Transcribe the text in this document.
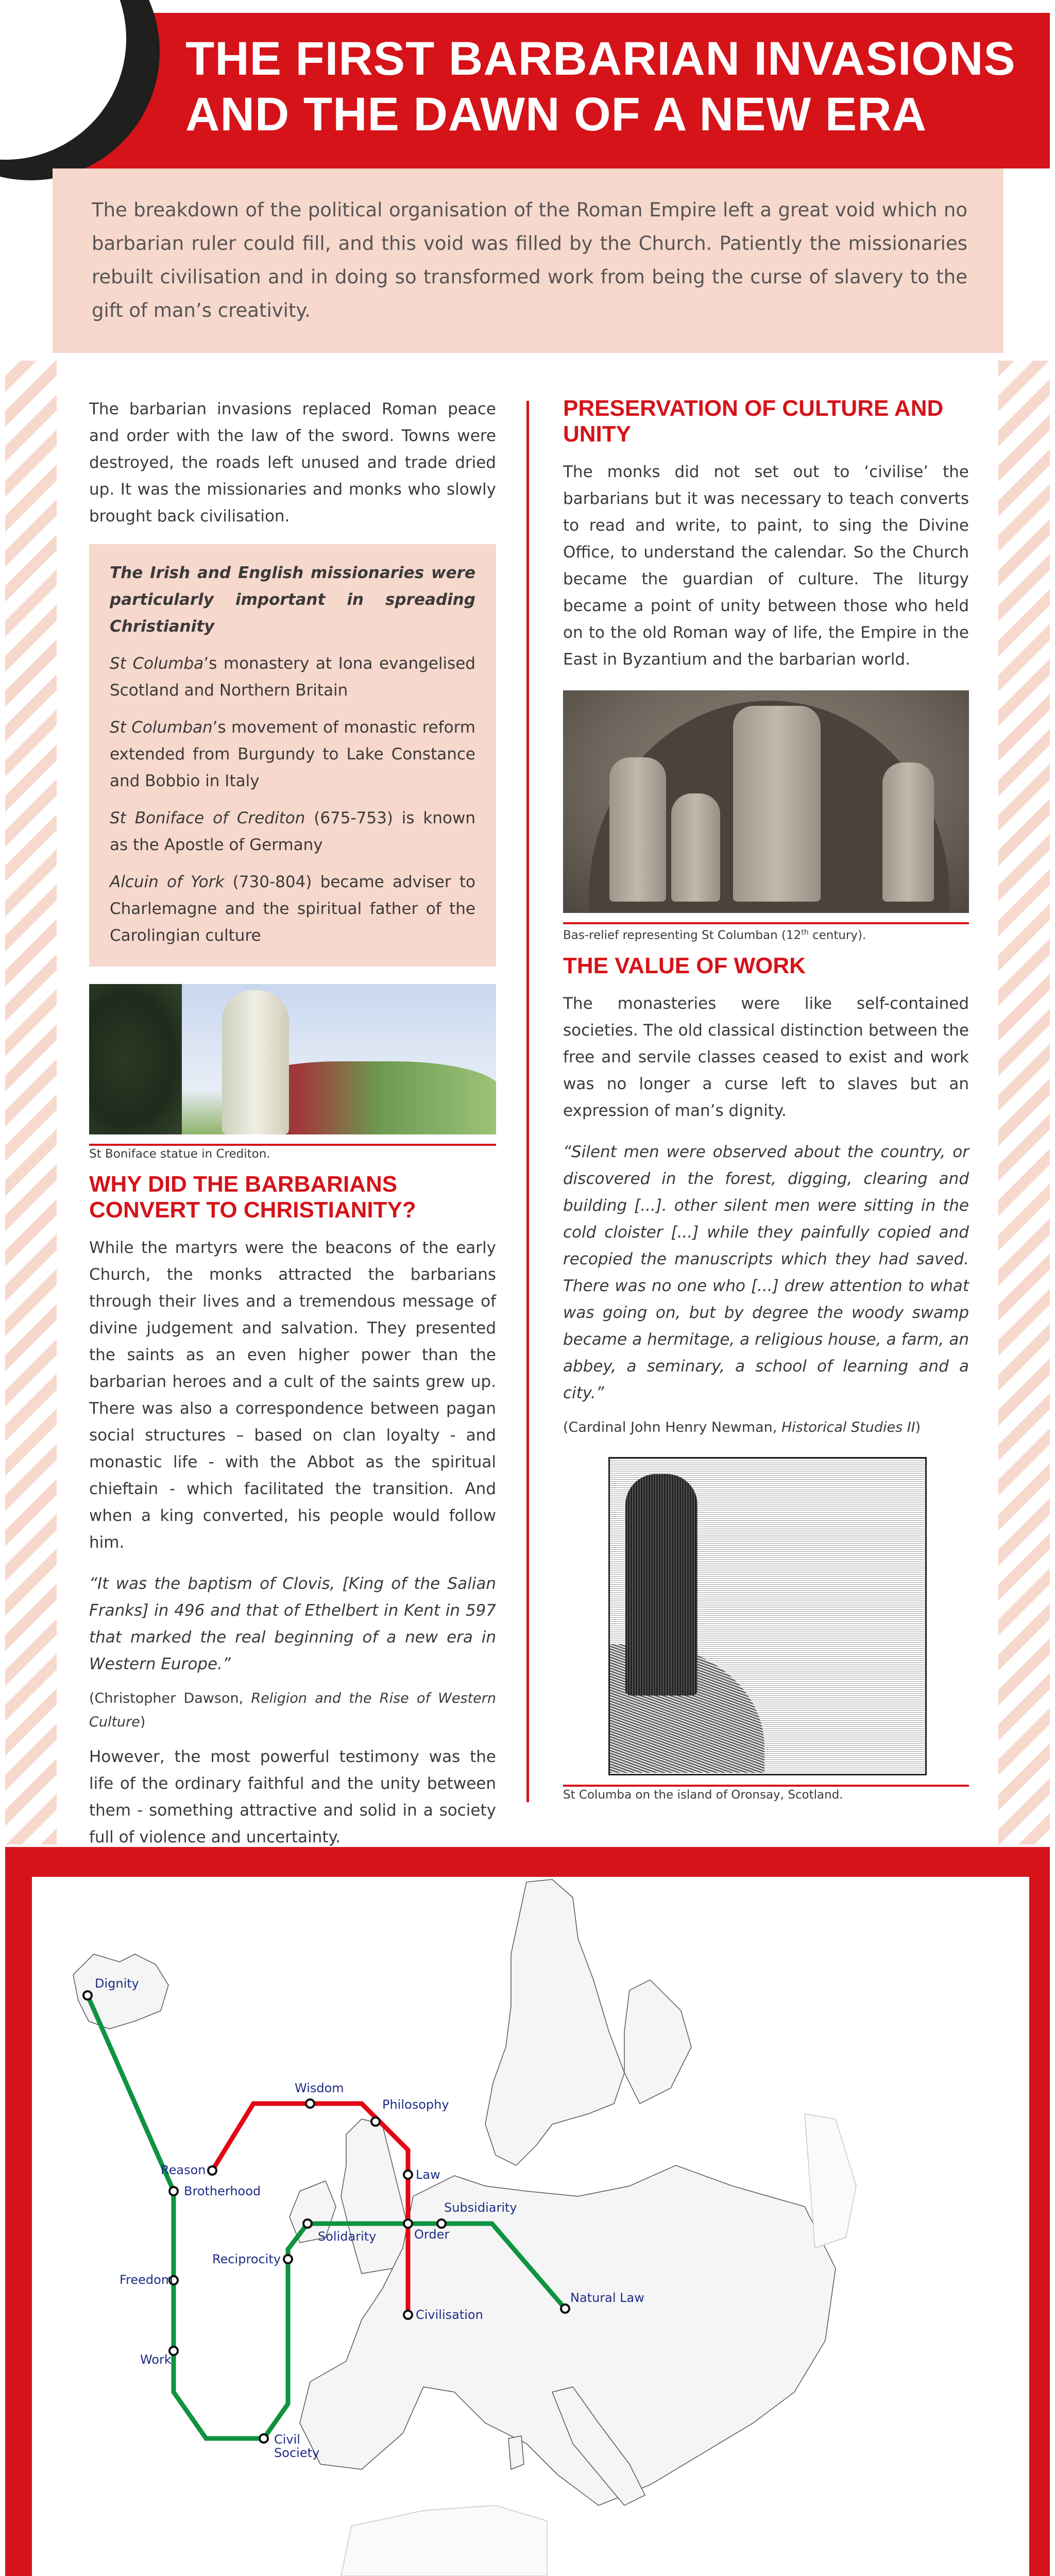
THE FIRST BARBARIAN INVASIONS
AND THE DAWN OF A NEW ERA
The breakdown of the political organisation of the Roman Empire left a great void which no barbarian ruler could fill, and this void was filled by the Church. Patiently the missionaries rebuilt civilisation and in doing so transformed work from being the curse of slavery to the gift of man’s creativity.

The barbarian invasions replaced Roman peace and order with the law of the sword. Towns were destroyed, the roads left unused and trade dried up. It was the missionaries and monks who slowly brought back civilisation.

The Irish and English missionaries were particularly important in spreading Christianity

St Columba’s monastery at Iona evangelised Scotland and Northern Britain

St Columban’s movement of monastic reform extended from Burgundy to Lake Constance and Bobbio in Italy

St Boniface of Crediton (675-753) is known as the Apostle of Germany

Alcuin of York (730-804) became adviser to Charlemagne and the spiritual father of the Carolingian culture

St Boniface statue in Crediton.

WHY DID THE BARBARIANS CONVERT TO CHRISTIANITY?

While the martyrs were the beacons of the early Church, the monks attracted the barbarians through their lives and a tremendous message of divine judgement and salvation. They presented the saints as an even higher power than the barbarian heroes and a cult of the saints grew up. There was also a correspondence between pagan social structures – based on clan loyalty - and monastic life - with the Abbot as the spiritual chieftain - which facilitated the transition. And when a king converted, his people would follow him.

“It was the baptism of Clovis, [King of the Salian Franks] in 496 and that of Ethelbert in Kent in 597 that marked the real beginning of a new era in Western Europe.”

(Christopher Dawson, Religion and the Rise of Western Culture)

However, the most powerful testimony was the life of the ordinary faithful and the unity between them - something attractive and solid in a society full of violence and uncertainty.

PRESERVATION OF CULTURE AND UNITY

The monks did not set out to ‘civilise’ the barbarians but it was necessary to teach converts to read and write, to paint, to sing the Divine Office, to understand the calendar. So the Church became the guardian of culture. The liturgy became a point of unity between those who held on to the old Roman way of life, the Empire in the East in Byzantium and the barbarian world.

Bas-relief representing St Columban (12th century).

THE VALUE OF WORK

The monasteries were like self-contained societies. The old classical distinction between the free and servile classes ceased to exist and work was no longer a curse left to slaves but an expression of man’s dignity.

“Silent men were observed about the country, or discovered in the forest, digging, clearing and building [...]. other silent men were sitting in the cold cloister [...] while they painfully copied and recopied the manuscripts which they had saved. There was no one who [...] drew attention to what was going on, but by degree the woody swamp became a hermitage, a religious house, a farm, an abbey, a seminary, a school of learning and a city.”

(Cardinal John Henry Newman, Historical Studies II)

St Columba on the island of Oronsay, Scotland.

Dignity
Brotherhood
Freedom
Work
Civil
Society
Reciprocity
Solidarity	Order
Subsidiarity
Natural Law
Reason
Wisdom
Philosophy
Law
Civilisation
